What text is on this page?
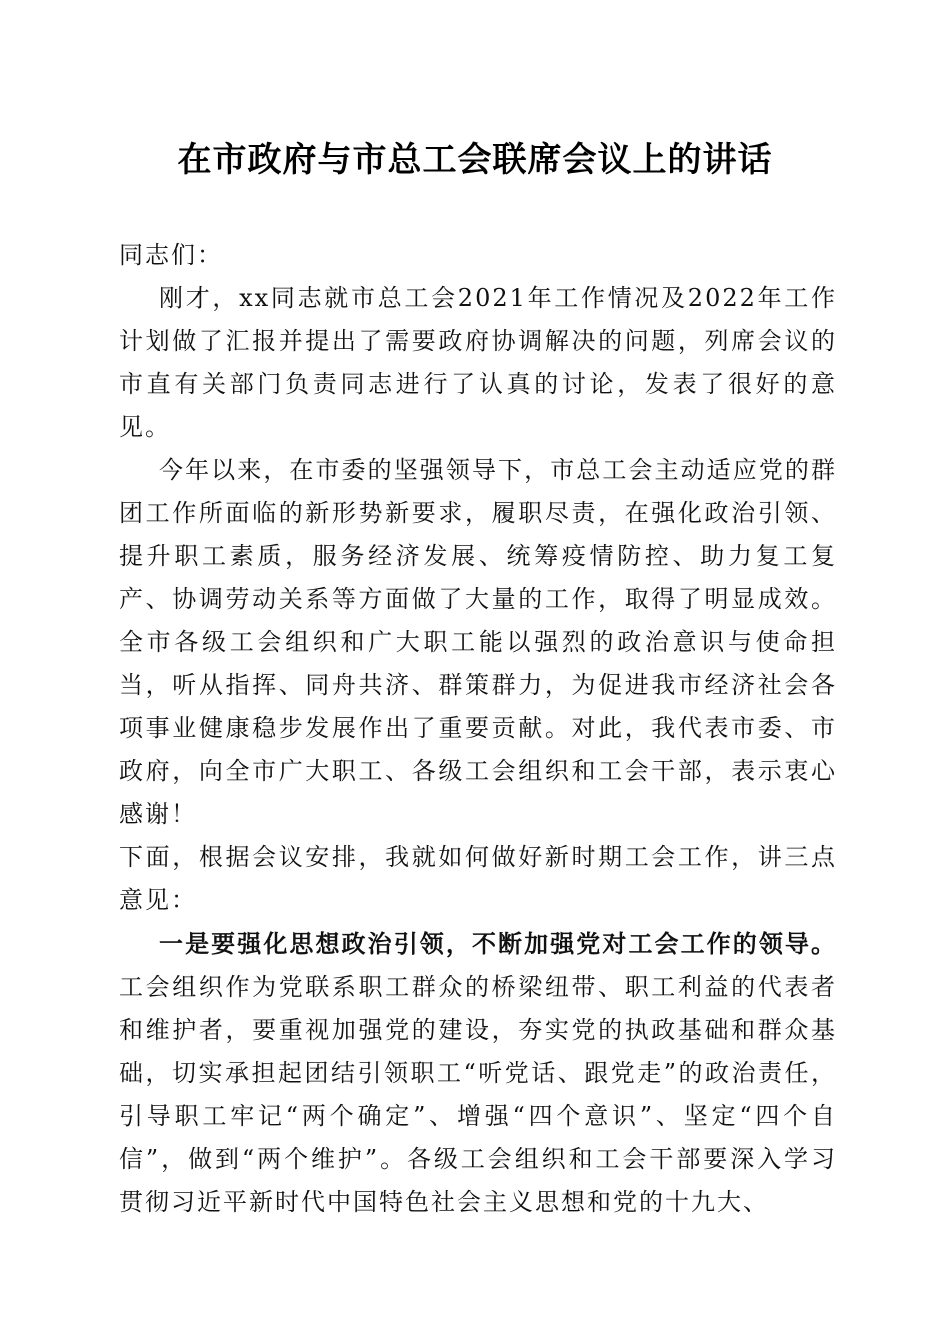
在市政府与市总工会联席会议上的讲话

同志们：

刚才，xx同志就市总工会2021年工作情况及2022年工作计划做了汇报并提出了需要政府协调解决的问题，列席会议的市直有关部门负责同志进行了认真的讨论，发表了很好的意见。

今年以来，在市委的坚强领导下，市总工会主动适应党的群团工作所面临的新形势新要求，履职尽责，在强化政治引领、提升职工素质，服务经济发展、统筹疫情防控、助力复工复产、协调劳动关系等方面做了大量的工作，取得了明显成效。全市各级工会组织和广大职工能以强烈的政治意识与使命担当，听从指挥、同舟共济、群策群力，为促进我市经济社会各项事业健康稳步发展作出了重要贡献。对此，我代表市委、市政府，向全市广大职工、各级工会组织和工会干部，表示衷心感谢！

下面，根据会议安排，我就如何做好新时期工会工作，讲三点意见：

一是要强化思想政治引领，不断加强党对工会工作的领导。工会组织作为党联系职工群众的桥梁纽带、职工利益的代表者和维护者，要重视加强党的建设，夯实党的执政基础和群众基础，切实承担起团结引领职工“听党话、跟党走”的政治责任，引导职工牢记“两个确定”、增强“四个意识”、坚定“四个自信”，做到“两个维护”。各级工会组织和工会干部要深入学习贯彻习近平新时代中国特色社会主义思想和党的十九大、
